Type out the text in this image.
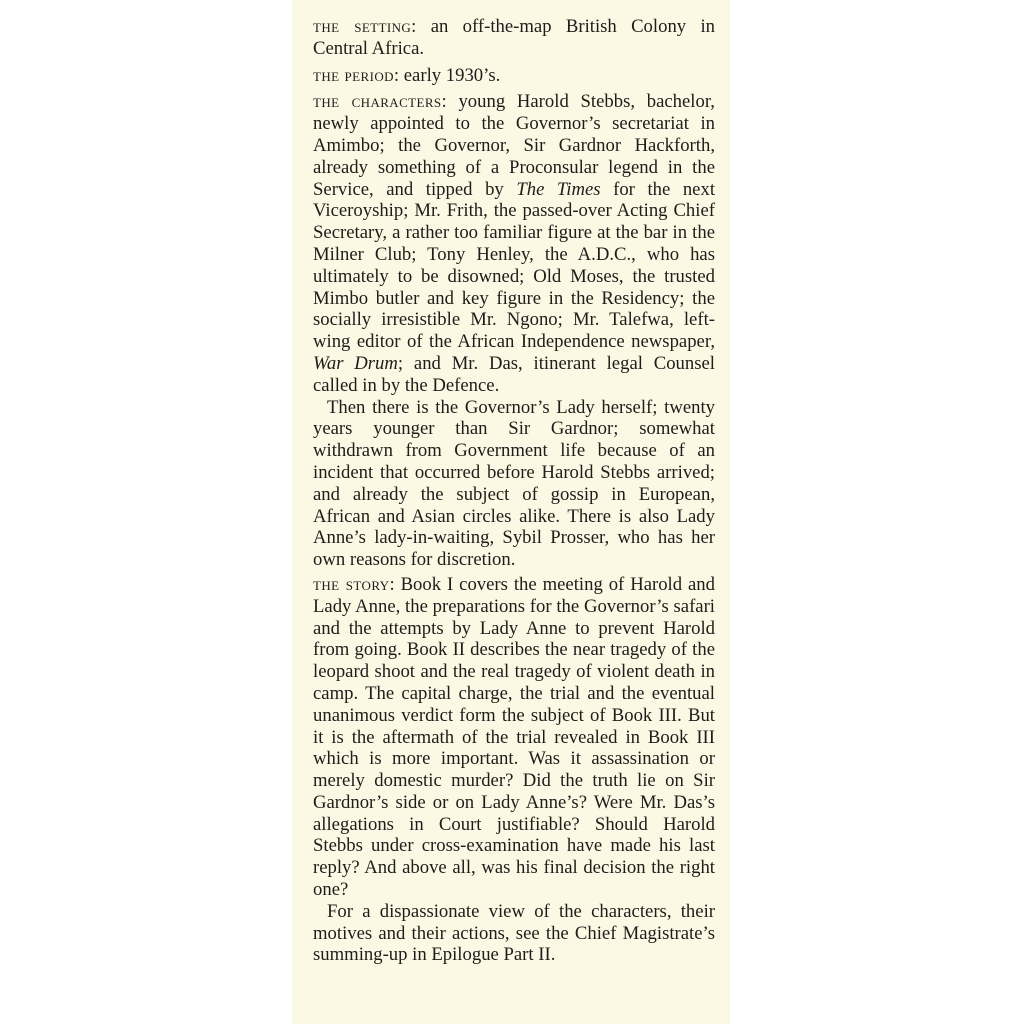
the setting: an off-the-map British Colony in Central Africa.

the period: early 1930’s.

the characters: young Harold Stebbs, bachelor, newly appointed to the Governor’s secretariat in Amimbo; the Governor, Sir Gardnor Hackforth, already something of a Proconsular legend in the Service, and tipped by The Times for the next Viceroyship; Mr. Frith, the passed-over Acting Chief Secretary, a rather too familiar figure at the bar in the Milner Club; Tony Henley, the A.D.C., who has ultimately to be disowned; Old Moses, the trusted Mimbo butler and key figure in the Residency; the socially irresistible Mr. Ngono; Mr. Talefwa, left-wing editor of the African Independence newspaper, War Drum; and Mr. Das, itinerant legal Counsel called in by the Defence.

Then there is the Governor’s Lady herself; twenty years younger than Sir Gardnor; somewhat withdrawn from Government life because of an incident that occurred before Harold Stebbs arrived; and already the subject of gossip in European, African and Asian circles alike. There is also Lady Anne’s lady-in-waiting, Sybil Prosser, who has her own reasons for discretion.

the story: Book I covers the meeting of Harold and Lady Anne, the preparations for the Governor’s safari and the attempts by Lady Anne to prevent Harold from going. Book II describes the near tragedy of the leopard shoot and the real tragedy of violent death in camp. The capital charge, the trial and the eventual unanimous verdict form the subject of Book III. But it is the aftermath of the trial revealed in Book III which is more important. Was it assassination or merely domestic murder? Did the truth lie on Sir Gardnor’s side or on Lady Anne’s? Were Mr. Das’s allegations in Court justifiable? Should Harold Stebbs under cross-examination have made his last reply? And above all, was his final decision the right one?

For a dispassionate view of the characters, their motives and their actions, see the Chief Magistrate’s summing-up in Epilogue Part II.
